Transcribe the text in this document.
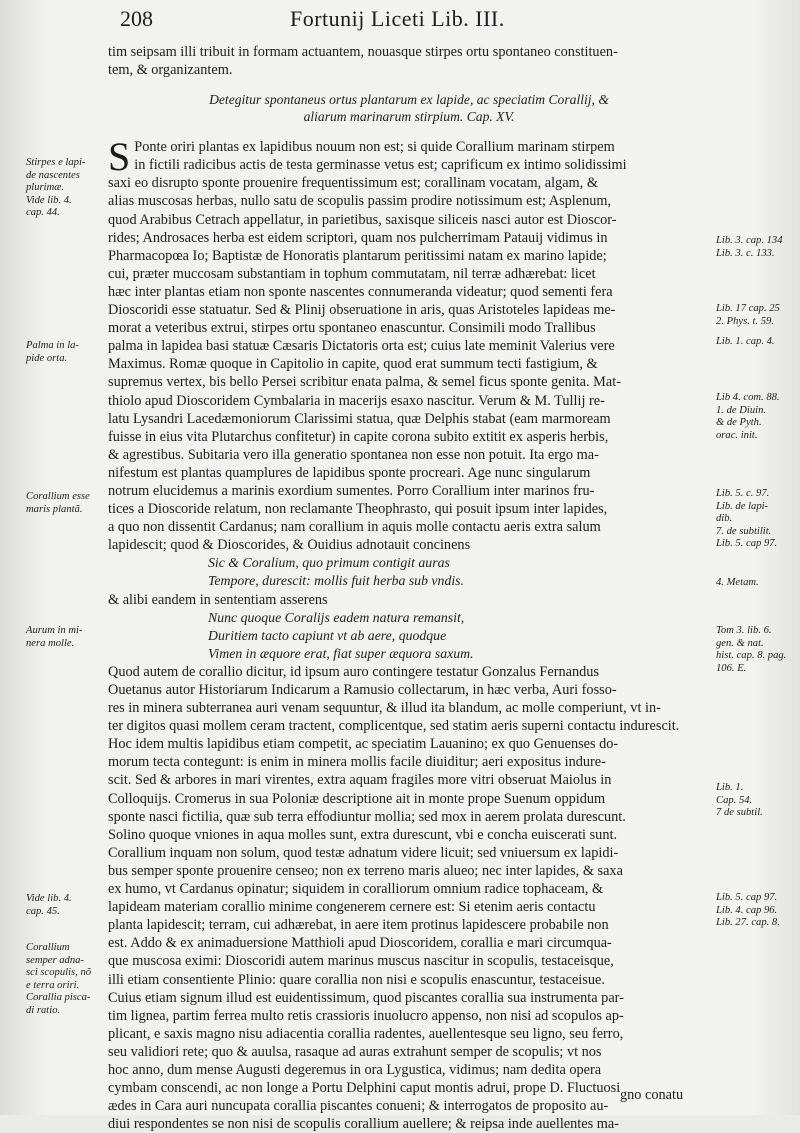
208	Fortunij Liceti Lib. III.
tim seipsam illi tribuit in formam actuantem, nouasque stirpes ortu spontaneo constituen-
tem, & organizantem.
Detegitur spontaneus ortus plantarum ex lapide, ac speciatim Corallij, &
aliarum marinarum stirpium. Cap. XV.
S Ponte oriri plantas ex lapidibus nouum non est; si quide Corallium marinam stirpem
in fictili radicibus actis de testa germinasse vetus est; caprificum ex intimo solidissimi
saxi eo disrupto sponte prouenire frequentissimum est; corallinam vocatam, algam, &
alias muscosas herbas, nullo satu de scopulis passim prodire notissimum est; Asplenum,
quod Arabibus Cetrach appellatur, in parietibus, saxisque siliceis nasci autor est Dioscor-
rides; Androsaces herba est eidem scriptori, quam nos pulcherrimam Patauij vidimus in
Pharmacopœa Io; Baptistæ de Honoratis plantarum peritissimi natam ex marino lapide;
cui, præter muccosam substantiam in tophum commutatam, nil terræ adhærebat: licet
hæc inter plantas etiam non sponte nascentes connumeranda videatur; quod sementi fera
Dioscoridi esse statuatur. Sed & Plinij obseruatione in aris, quas Aristoteles lapideas me-
morat a veteribus extrui, stirpes ortu spontaneo enascuntur. Consimili modo Trallibus
palma in lapidea basi statuæ Cæsaris Dictatoris orta est; cuius late meminit Valerius vere
Maximus. Romæ quoque in Capitolio in capite, quod erat summum tecti fastigium, &
supremus vertex, bis bello Persei scribitur enata palma, & semel ficus sponte genita. Mat-
thiolo apud Dioscoridem Cymbalaria in macerijs esaxo nascitur. Verum & M. Tullij re-
latu Lysandri Lacedæmoniorum Clarissimi statua, quæ Delphis stabat (eam marmoream
fuisse in eius vita Plutarchus confitetur) in capite corona subito extitit ex asperis herbis,
& agrestibus. Subitaria vero illa generatio spontanea non esse non potuit. Ita ergo ma-
nifestum est plantas quamplures de lapidibus sponte procreari. Age nunc singularum
notrum elucidemus a marinis exordium sumentes. Porro Corallium inter marinos fru-
tices a Dioscoride relatum, non reclamante Theophrasto, qui posuit ipsum inter lapides,
a quo non dissentit Cardanus; nam corallium in aquis molle contactu aeris extra salum
lapidescit; quod & Dioscorides, & Ouidius adnotauit concinens
Sic & Coralium, quo primum contigit auras
Tempore, durescit: mollis fuit herba sub vndis.
& alibi eandem in sententiam asserens
Nunc quoque Coralijs eadem natura remansit,
Duritiem tacto capiunt vt ab aere, quodque
Vimen in æquore erat, fiat super æquora saxum.
Quod autem de corallio dicitur, id ipsum auro contingere testatur Gonzalus Fernandus
Ouetanus autor Historiarum Indicarum a Ramusio collectarum, in hæc verba, Auri fosso-
res in minera subterranea auri venam sequuntur, & illud ita blandum, ac molle comperiunt, vt in-
ter digitos quasi mollem ceram tractent, complicentque, sed statim aeris superni contactu indurescit.
Hoc idem multis lapidibus etiam competit, ac speciatim Lauanino; ex quo Genuenses do-
morum tecta contegunt: is enim in minera mollis facile diuiditur; aeri expositus indure-
scit. Sed & arbores in mari virentes, extra aquam fragiles more vitri obseruat Maiolus in
Colloquijs. Cromerus in sua Poloniæ descriptione ait in monte prope Suenum oppidum
sponte nasci fictilia, quæ sub terra effodiuntur mollia; sed mox in aerem prolata durescunt.
Solino quoque vniones in aqua molles sunt, extra durescunt, vbi e concha euiscerati sunt.
Corallium inquam non solum, quod testæ adnatum videre licuit; sed vniuersum ex lapidi-
bus semper sponte prouenire censeo; non ex terreno maris alueo; nec inter lapides, & saxa
ex humo, vt Cardanus opinatur; siquidem in coralliorum omnium radice tophaceam, &
lapideam materiam corallio minime congenerem cernere est: Si etenim aeris contactu
planta lapidescit; terram, cui adhærebat, in aere item protinus lapidescere probabile non
est. Addo & ex animaduersione Matthioli apud Dioscoridem, corallia e mari circumqua-
que muscosa eximi: Dioscoridi autem marinus muscus nascitur in scopulis, testaceisque,
illi etiam consentiente Plinio: quare corallia non nisi e scopulis enascuntur, testaceisue.
Cuius etiam signum illud est euidentissimum, quod piscantes corallia sua instrumenta par-
tim lignea, partim ferrea multo retis crassioris inuolucro appenso, non nisi ad scopulos ap-
plicant, e saxis magno nisu adiacentia corallia radentes, auellentesque seu ligno, seu ferro,
seu validiori rete; quo & auulsa, rasaque ad auras extrahunt semper de scopulis; vt nos
hoc anno, dum mense Augusti degeremus in ora Lygustica, vidimus; nam dedita opera
cymbam conscendi, ac non longe a Portu Delphini caput montis adrui, prope D. Fluctuosi
ædes in Cara auri nuncupata corallia piscantes conueni; & interrogatos de proposito au-
diui respondentes se non nisi de scopulis corallium auellere; & reipsa inde auellentes ma-
Stirpes e lapi-
de nascentes
plurimæ.
Vide lib. 4.
cap. 44.
Palma in la-
pide orta.
Corallium esse
maris plantã.
Aurum in mi-
nera molle.
Vide lib. 4.
cap. 45.
Corallium
semper adna-
sci scopulis, nõ
e terra oriri.
Corallia pisca-
di ratio.
Lib. 3. cap. 134
Lib. 3. c. 133.
Lib. 17 cap. 25
2. Phys. t. 59.
Lib. 1. cap. 4.
Lib 4. com. 88.
1. de Diuin.
& de Pyth.
orac. init.
Lib. 5. c. 97.
Lib. de lapi-
dib.
7. de subtilit.
Lib. 5. cap 97.
4. Metam.
Tom 3. lib. 6.
gen. & nat.
hist. cap. 8. pag.
106. E.
Lib. 1.
Cap. 54.
7 de subtil.
Lib. 5. cap 97.
Lib. 4. cap 96.
Lib. 27. cap. 8.
gno conatu
